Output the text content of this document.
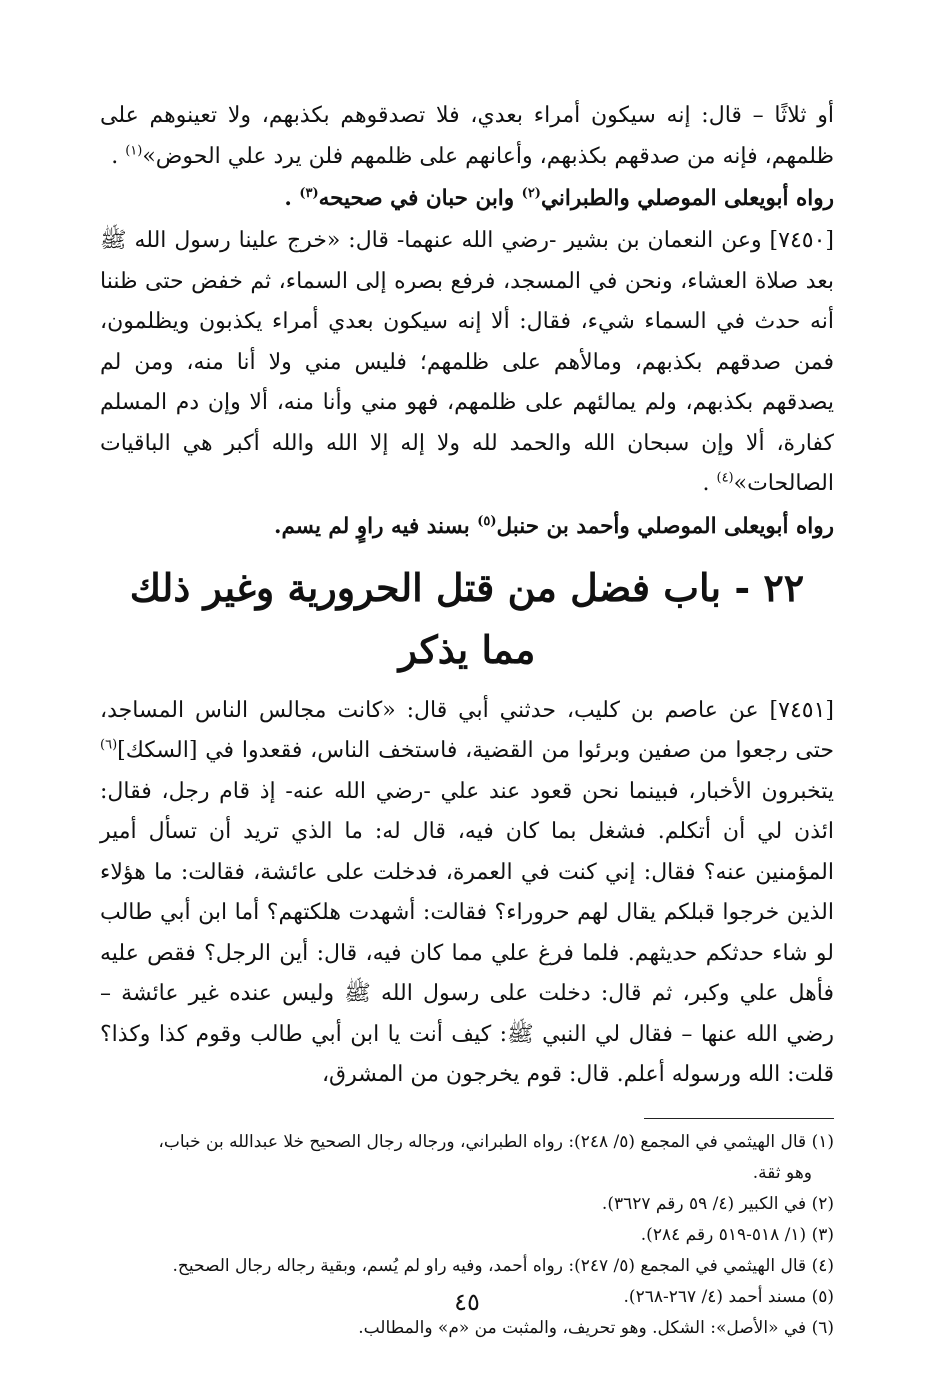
أو ثلاثًا – قال: إنه سيكون أمراء بعدي، فلا تصدقوهم بكذبهم، ولا تعينوهم على ظلمهم، فإنه من صدقهم بكذبهم، وأعانهم على ظلمهم فلن يرد علي الحوض»$^{(١)}$ .

رواه أبويعلى الموصلي والطبراني$^{(٢)}$ وابن حبان في صحيحه$^{(٣)}$ .

[٧٤٥٠] وعن النعمان بن بشير -رضي الله عنهما- قال: «خرج علينا رسول الله ﷺ بعد صلاة العشاء، ونحن في المسجد، فرفع بصره إلى السماء، ثم خفض حتى ظننا أنه حدث في السماء شيء، فقال: ألا إنه سيكون بعدي أمراء يكذبون ويظلمون، فمن صدقهم بكذبهم، ومالأهم على ظلمهم؛ فليس مني ولا أنا منه، ومن لم يصدقهم بكذبهم، ولم يمالئهم على ظلمهم، فهو مني وأنا منه، ألا وإن دم المسلم كفارة، ألا وإن سبحان الله والحمد لله ولا إله إلا الله والله أكبر هي الباقيات الصالحات»$^{(٤)}$ .

رواه أبويعلى الموصلي وأحمد بن حنبل$^{(٥)}$ بسند فيه راوٍ لم يسم.

٢٢ - باب فضل من قتل الحرورية وغير ذلك مما يذكر

[٧٤٥١] عن عاصم بن كليب، حدثني أبي قال: «كانت مجالس الناس المساجد، حتى رجعوا من صفين وبرئوا من القضية، فاستخف الناس، فقعدوا في [السكك]$^{(٦)}$ يتخبرون الأخبار، فبينما نحن قعود عند علي -رضي الله عنه- إذ قام رجل، فقال: ائذن لي أن أتكلم. فشغل بما كان فيه، قال له: ما الذي تريد أن تسأل أمير المؤمنين عنه؟ فقال: إني كنت في العمرة، فدخلت على عائشة، فقالت: ما هؤلاء الذين خرجوا قبلكم يقال لهم حروراء؟ فقالت: أشهدت هلكتهم؟ أما ابن أبي طالب لو شاء حدثكم حديثهم. فلما فرغ علي مما كان فيه، قال: أين الرجل؟ فقص عليه فأهل علي وكبر، ثم قال: دخلت على رسول الله ﷺ وليس عنده غير عائشة – رضي الله عنها – فقال لي النبي ﷺ: كيف أنت يا ابن أبي طالب وقوم كذا وكذا؟ قلت: الله ورسوله أعلم. قال: قوم يخرجون من المشرق،

(١) قال الهيثمي في المجمع (٥/ ٢٤٨): رواه الطبراني، ورجاله رجال الصحيح خلا عبدالله بن خباب،
وهو ثقة.
(٢) في الكبير (٤/ ٥٩ رقم ٣٦٢٧).
(٣) (١/ ٥١٨-٥١٩ رقم ٢٨٤).
(٤) قال الهيثمي في المجمع (٥/ ٢٤٧): رواه أحمد، وفيه راو لم يُسم، وبقية رجاله رجال الصحيح.
(٥) مسند أحمد (٤/ ٢٦٧-٢٦٨).
(٦) في «الأصل»: الشكل. وهو تحريف، والمثبت من «م» والمطالب.
٤٥
